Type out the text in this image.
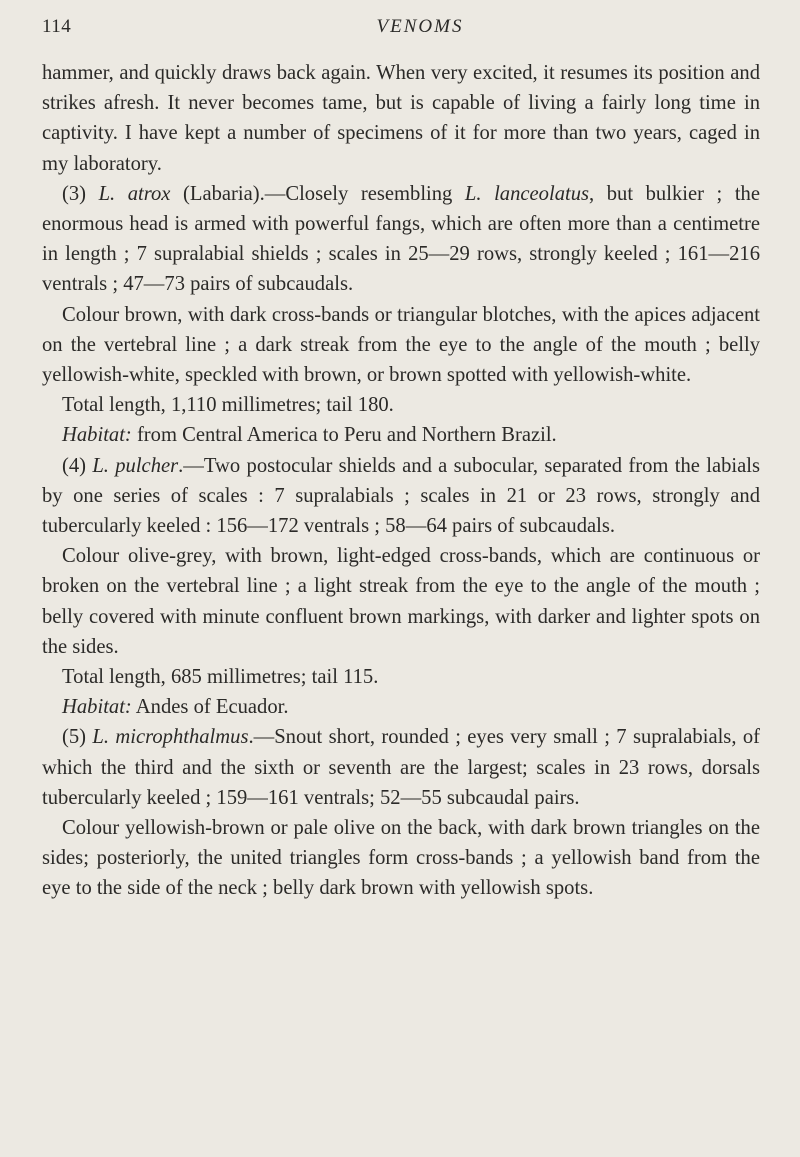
114	VENOMS

hammer, and quickly draws back again. When very excited, it resumes its position and strikes afresh. It never becomes tame, but is capable of living a fairly long time in captivity. I have kept a number of specimens of it for more than two years, caged in my laboratory.

(3) L. atrox (Labaria).—Closely resembling L. lanceolatus, but bulkier ; the enormous head is armed with powerful fangs, which are often more than a centimetre in length ; 7 supralabial shields ; scales in 25—29 rows, strongly keeled ; 161—216 ventrals ; 47—73 pairs of subcaudals.

Colour brown, with dark cross-bands or triangular blotches, with the apices adjacent on the vertebral line ; a dark streak from the eye to the angle of the mouth ; belly yellowish-white, speckled with brown, or brown spotted with yellowish-white.

Total length, 1,110 millimetres; tail 180.

Habitat: from Central America to Peru and Northern Brazil.

(4) L. pulcher.—Two postocular shields and a subocular, separated from the labials by one series of scales : 7 supralabials ; scales in 21 or 23 rows, strongly and tubercularly keeled : 156—172 ventrals ; 58—64 pairs of subcaudals.

Colour olive-grey, with brown, light-edged cross-bands, which are continuous or broken on the vertebral line ; a light streak from the eye to the angle of the mouth ; belly covered with minute confluent brown markings, with darker and lighter spots on the sides.

Total length, 685 millimetres; tail 115.

Habitat: Andes of Ecuador.

(5) L. microphthalmus.—Snout short, rounded ; eyes very small ; 7 supralabials, of which the third and the sixth or seventh are the largest; scales in 23 rows, dorsals tubercularly keeled ; 159—161 ventrals; 52—55 subcaudal pairs.

Colour yellowish-brown or pale olive on the back, with dark brown triangles on the sides; posteriorly, the united triangles form cross-bands ; a yellowish band from the eye to the side of the neck ; belly dark brown with yellowish spots.
